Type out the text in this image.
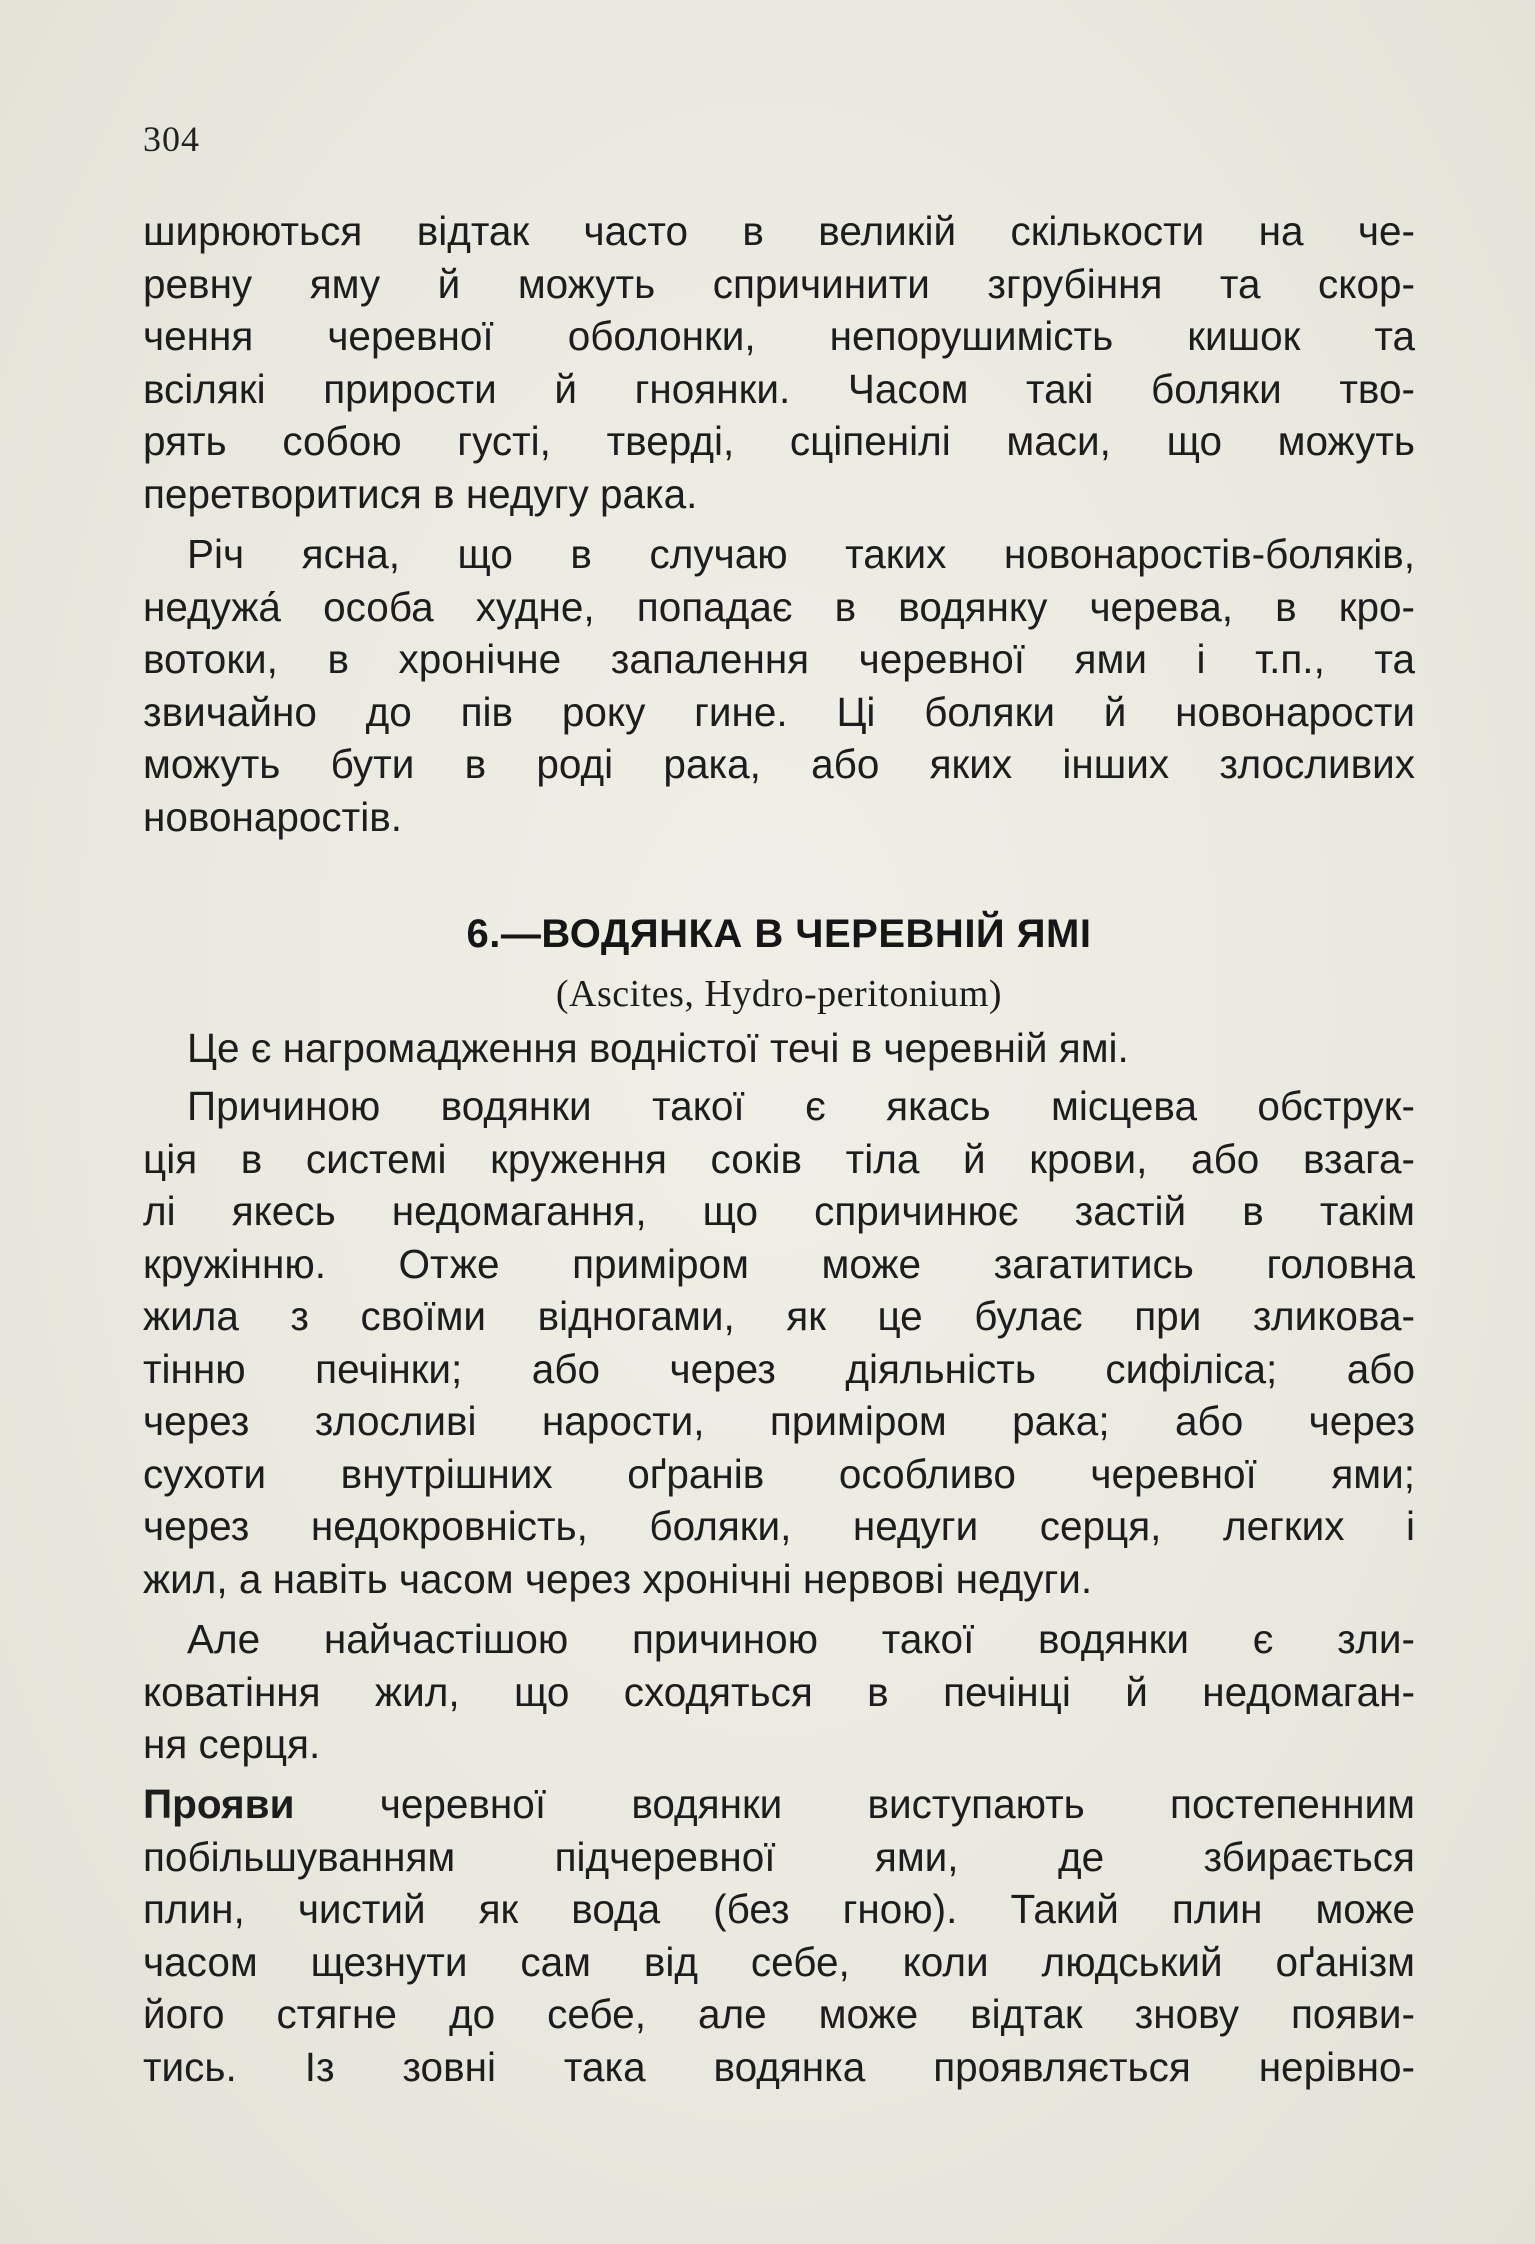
304
ширюються відтак часто в великій скількости на че-
ревну яму й можуть спричинити згрубіння та скор-
чення черевної оболонки, непорушимість кишок та
всілякі прирости й гноянки. Часом такі боляки тво-
рять собою густі, тверді, сціпенілі маси, що можуть
перетворитися в недугу рака.
Річ ясна, що в случаю таких новонаростів-боляків,
недужа́ особа худне, попадає в водянку черева, в кро-
вотоки, в хронічне запалення черевної ями і т.п., та
звичайно до пів року гине. Ці боляки й новонарости
можуть бути в роді рака, або яких інших злосливих
новонаростів.
6.—ВОДЯНКА В ЧЕРЕВНІЙ ЯМІ
(Ascites, Hydro-peritonium)
Це є нагромадження водністої течі в черевній ямі.
Причиною водянки такої є якась місцева обструк-
ція в системі круження соків тіла й крови, або взага-
лі якесь недомагання, що спричинює застій в такім
кружінню. Отже приміром може загатитись головна
жила з своїми відногами, як це булає при зликова-
тінню печінки; або через діяльність сифіліса; або
через злосливі нарости, приміром рака; або через
сухоти внутрішних оґранів особливо черевної ями;
через недокровність, боляки, недуги серця, легких і
жил, а навіть часом через хронічні нервові недуги.
Але найчастішою причиною такої водянки є зли-
коватіння жил, що сходяться в печінці й недомаган-
ня серця.
Прояви черевної водянки виступають постепенним
побільшуванням підчеревної ями, де збирається
плин, чистий як вода (без гною). Такий плин може
часом щезнути сам від себе, коли людський оґанізм
його стягне до себе, але може відтак знову появи-
тись. Із зовні така водянка проявляється нерівно-
